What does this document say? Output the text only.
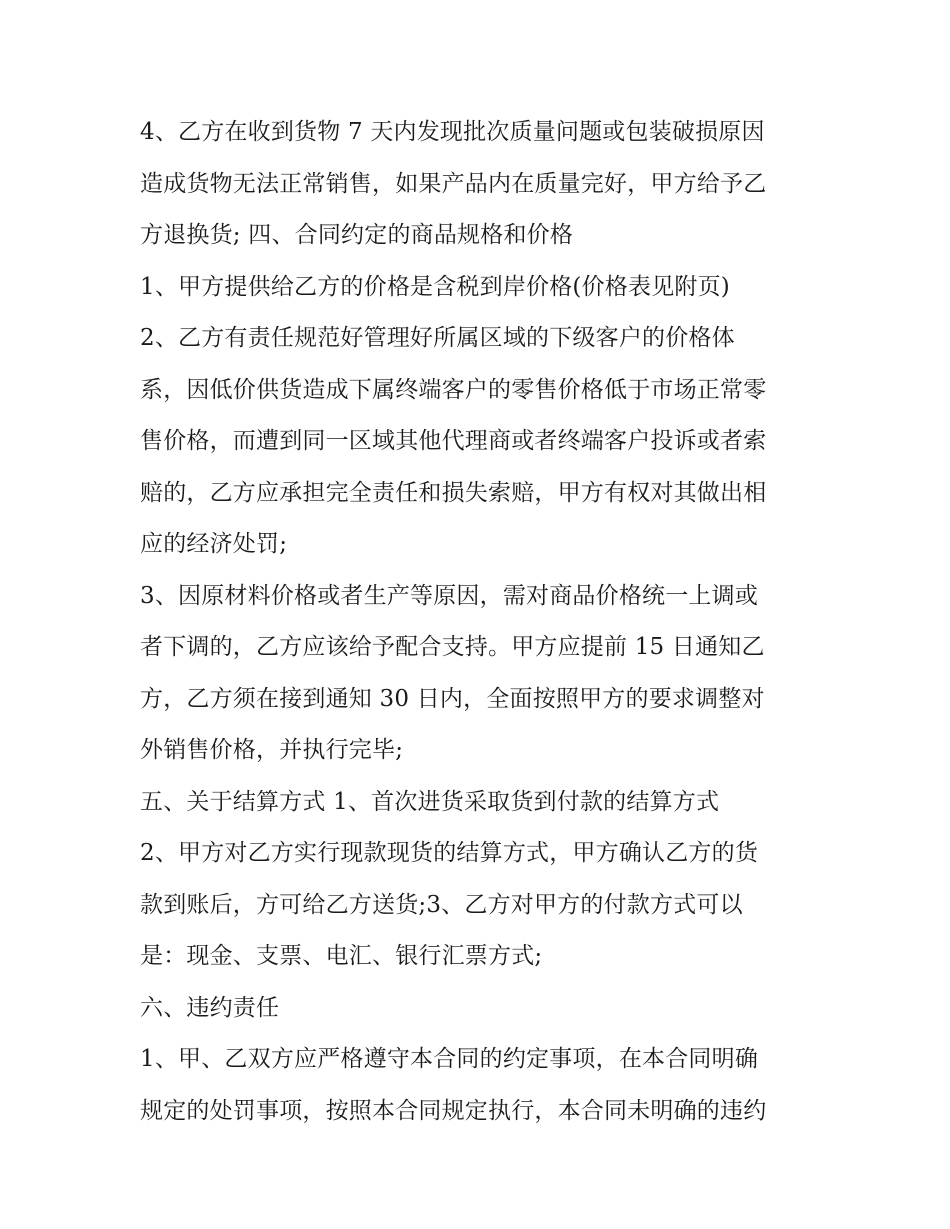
4、乙方在收到货物 7 天内发现批次质量问题或包装破损原因
造成货物无法正常销售，如果产品内在质量完好，甲方给予乙
方退换货; 四、合同约定的商品规格和价格
1、甲方提供给乙方的价格是含税到岸价格(价格表见附页)
2、乙方有责任规范好管理好所属区域的下级客户的价格体
系，因低价供货造成下属终端客户的零售价格低于市场正常零
售价格，而遭到同一区域其他代理商或者终端客户投诉或者索
赔的，乙方应承担完全责任和损失索赔，甲方有权对其做出相
应的经济处罚;
3、因原材料价格或者生产等原因，需对商品价格统一上调或
者下调的，乙方应该给予配合支持。甲方应提前 15 日通知乙
方，乙方须在接到通知 30 日内，全面按照甲方的要求调整对
外销售价格，并执行完毕;
五、关于结算方式 1、首次进货采取货到付款的结算方式
2、甲方对乙方实行现款现货的结算方式，甲方确认乙方的货
款到账后，方可给乙方送货;3、乙方对甲方的付款方式可以
是：现金、支票、电汇、银行汇票方式;
六、违约责任
1、甲、乙双方应严格遵守本合同的约定事项，在本合同明确
规定的处罚事项，按照本合同规定执行，本合同未明确的违约
